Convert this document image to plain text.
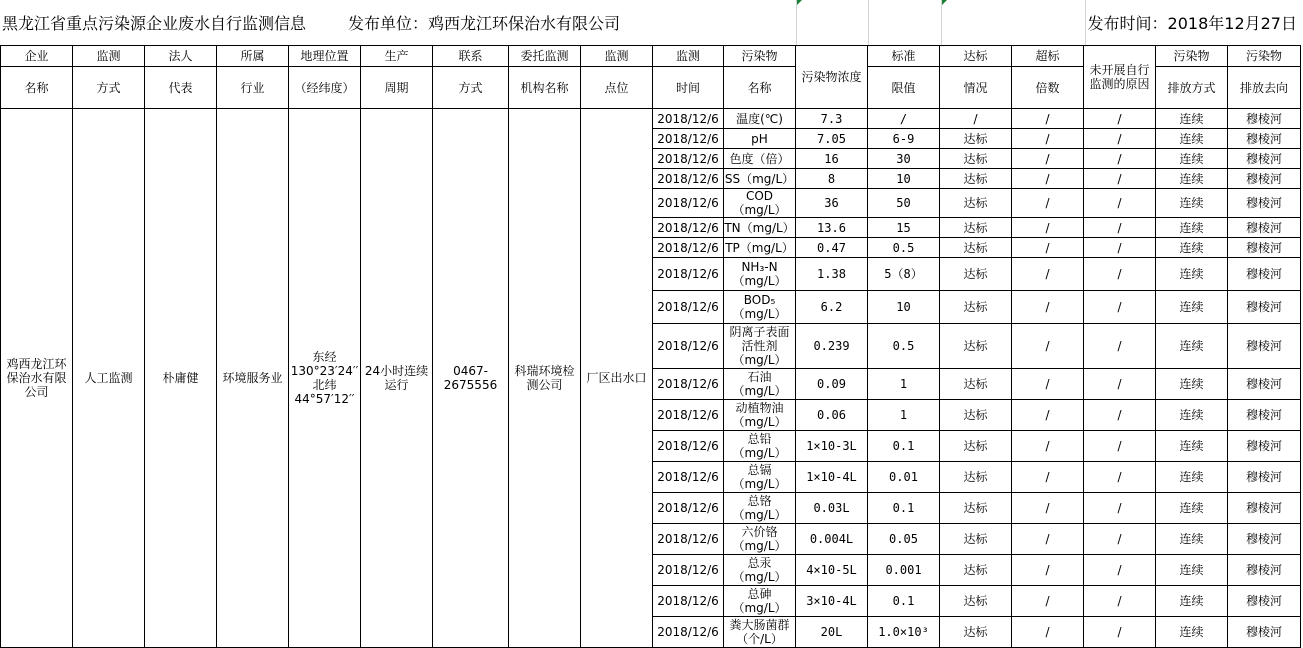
黑龙江省重点污染源企业废水自行监测信息	发布单位：鸡西龙江环保治水有限公司	发布时间：2018年12月27日
企业	监测	法人	所属	地理位置	生产	联系	委托监测	监测	监测	污染物	污染物浓度	标准	达标	超标	未开展自行监测的原因	污染物	污染物
名称	方式	代表	行业	（经纬度）	周期	方式	机构名称	点位	时间	名称		限值	情况	倍数		排放方式	排放去向
鸡西龙江环保治水有限公司	人工监测	朴庸健	环境服务业	东经130°23′24′′北纬44°57′12′′	24小时连续运行	0467-2675556	科瑞环境检测公司	厂区出水口	2018/12/6	温度(℃)	7.3	/	/	/	/	连续	穆棱河
									2018/12/6	pH	7.05	6-9	达标	/	/	连续	穆棱河
									2018/12/6	色度（倍）	16	30	达标	/	/	连续	穆棱河
									2018/12/6	SS（mg/L）	8	10	达标	/	/	连续	穆棱河
									2018/12/6	COD（mg/L）	36	50	达标	/	/	连续	穆棱河
									2018/12/6	TN（mg/L）	13.6	15	达标	/	/	连续	穆棱河
									2018/12/6	TP（mg/L）	0.47	0.5	达标	/	/	连续	穆棱河
									2018/12/6	NH₃-N（mg/L）	1.38	5（8）	达标	/	/	连续	穆棱河
									2018/12/6	BOD₅（mg/L）	6.2	10	达标	/	/	连续	穆棱河
									2018/12/6	阴离子表面活性剂（mg/L）	0.239	0.5	达标	/	/	连续	穆棱河
									2018/12/6	石油（mg/L）	0.09	1	达标	/	/	连续	穆棱河
									2018/12/6	动植物油（mg/L）	0.06	1	达标	/	/	连续	穆棱河
									2018/12/6	总铅（mg/L）	1×10-3L	0.1	达标	/	/	连续	穆棱河
									2018/12/6	总镉（mg/L）	1×10-4L	0.01	达标	/	/	连续	穆棱河
									2018/12/6	总铬（mg/L）	0.03L	0.1	达标	/	/	连续	穆棱河
									2018/12/6	六价铬（mg/L）	0.004L	0.05	达标	/	/	连续	穆棱河
									2018/12/6	总汞（mg/L）	4×10-5L	0.001	达标	/	/	连续	穆棱河
									2018/12/6	总砷（mg/L）	3×10-4L	0.1	达标	/	/	连续	穆棱河
									2018/12/6	粪大肠菌群（个/L）	20L	1.0×10³	达标	/	/	连续	穆棱河
